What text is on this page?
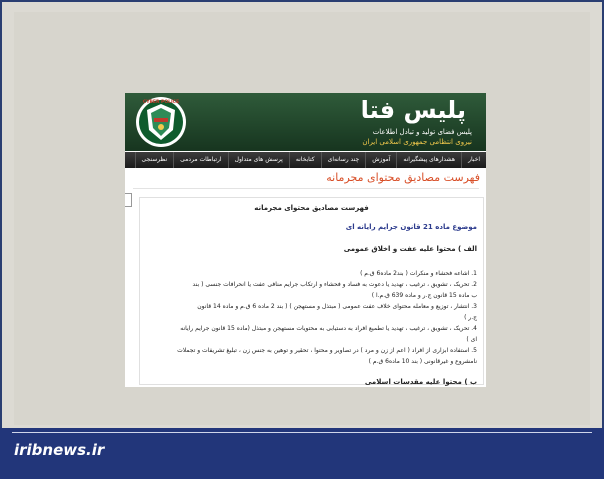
CYBER POLICE	پلیس فتا
پلیس فضای تولید و تبادل اطلاعات
نیروی انتظامی جمهوری اسلامی ایران
اخبار
هشدارهای پیشگیرانه
آموزش
چند رسانه‌ای
کتابخانه
پرسش های متداول
ارتباطات مردمی
نظرسنجی
فهرست مصادیق محتوای مجرمانه
فهرست مصادیق محتوای مجرمانه
موضوع ماده 21 قانون جرایم رایانه ای
الف ) محتوا علیه عفت و اخلاق عمومی
1. اشاعه فحشاء و منکرات ( بند2 ماده6 ق.م )
2. تحریک ، تشویق ، ترغیب ، تهدید یا دعوت به فساد و فحشاء و ارتکاب جرایم منافی عفت یا انحرافات جنسی ( بند
ب ماده 15 قانون ج.ر و ماده 639 ق.م.ا )
3. انتشار ، توزیع و معامله محتوای خلاف عفت عمومی ( مبتذل و مستهجن ) ( بند 2 ماده 6 ق.م و ماده 14 قانون
ج.ر )
4. تحریک ، تشویق ، ترغیب ، تهدید یا تطمیع افراد به دستیابی به محتویات مستهجن و مبتذل (ماده 15 قانون جرایم رایانه
ای )
5. استفاده ابزاری از افراد ( اعم از زن و مرد ) در تصاویر و محتوا ، تحقیر و توهین به جنس زن ، تبلیغ تشریفات و تجملات
نامشروع و غیرقانونی ( بند 10 ماده6 ق.م )
ب ) محتوا علیه مقدسات اسلامی
iribnews.ir
